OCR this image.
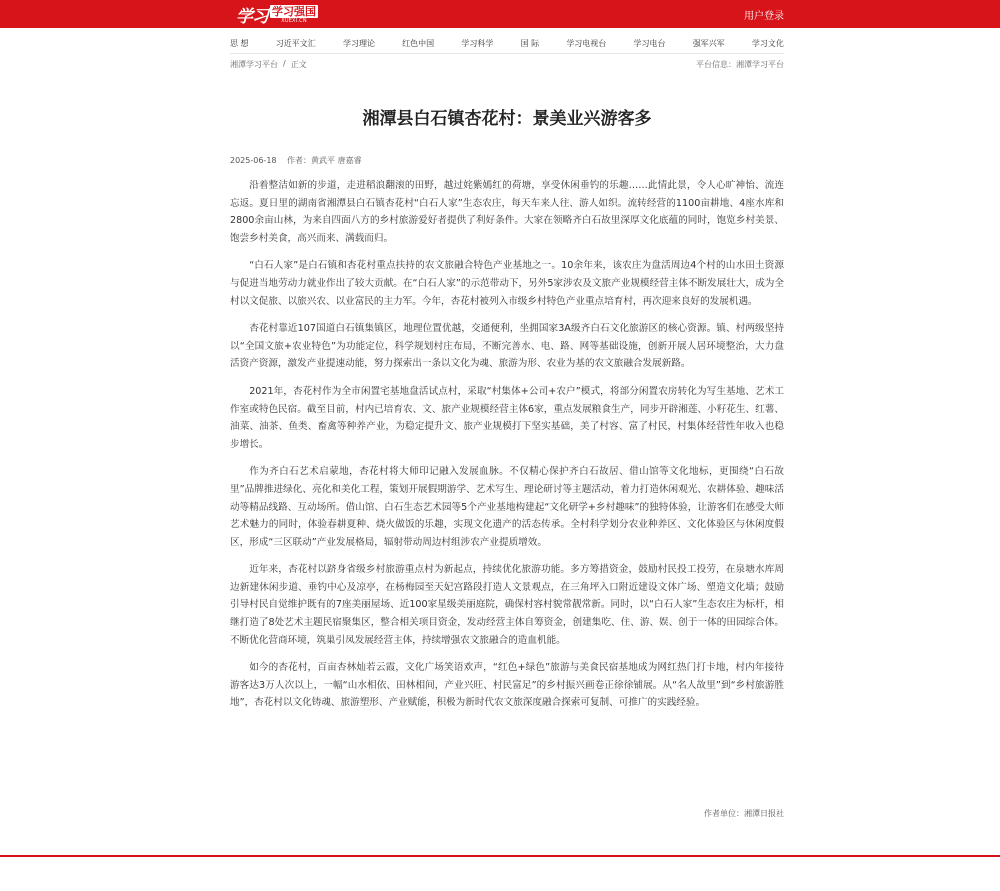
学习 学习强国
XUEXI.CN	用户登录
思 想	习近平文汇	学习理论	红色中国	学习科学	国 际	学习电视台	学习电台	强军兴军	学习文化
湘潭学习平台 / 正文	平台信息：湘潭学习平台
湘潭县白石镇杏花村：景美业兴游客多
2025-06-18 作者：黄武平 唐嘉睿

沿着整洁如新的步道，走进稻浪翻滚的田野，越过姹紫嫣红的荷塘，享受休闲垂钓的乐趣……此情此景，令人心旷神怡、流连忘返。夏日里的湖南省湘潭县白石镇杏花村“白石人家”生态农庄，每天车来人往、游人如织。流转经营的1100亩耕地、4座水库和2800余亩山林，为来自四面八方的乡村旅游爱好者提供了利好条件。大家在领略齐白石故里深厚文化底蕴的同时，饱览乡村美景、饱尝乡村美食，高兴而来、满载而归。

“白石人家”是白石镇和杏花村重点扶持的农文旅融合特色产业基地之一。10余年来，该农庄为盘活周边4个村的山水田土资源与促进当地劳动力就业作出了较大贡献。在“白石人家”的示范带动下，另外5家涉农及文旅产业规模经营主体不断发展壮大，成为全村以文促旅、以旅兴农、以业富民的主力军。今年，杏花村被列入市级乡村特色产业重点培育村，再次迎来良好的发展机遇。

杏花村靠近107国道白石镇集镇区，地理位置优越，交通便利，坐拥国家3A级齐白石文化旅游区的核心资源。镇、村两级坚持以“全国文旅+农业特色”为功能定位，科学规划村庄布局，不断完善水、电、路、网等基础设施，创新开展人居环境整治，大力盘活资产资源，激发产业提速动能，努力探索出一条以文化为魂、旅游为形、农业为基的农文旅融合发展新路。

2021年，杏花村作为全市闲置宅基地盘活试点村，采取“村集体+公司+农户”模式，将部分闲置农房转化为写生基地、艺术工作室或特色民宿。截至目前，村内已培育农、文、旅产业规模经营主体6家，重点发展粮食生产，同步开辟湘莲、小籽花生、红薯、油菜、油茶、鱼类、畜禽等种养产业，为稳定提升文、旅产业规模打下坚实基础，美了村容、富了村民，村集体经营性年收入也稳步增长。

作为齐白石艺术启蒙地，杏花村将大师印记融入发展血脉。不仅精心保护齐白石故居、借山馆等文化地标，更围绕“白石故里”品牌推进绿化、亮化和美化工程，策划开展假期游学、艺术写生、理论研讨等主题活动，着力打造休闲观光、农耕体验、趣味活动等精品线路、互动场所。借山馆、白石生态艺术园等5个产业基地构建起“文化研学+乡村趣味”的独特体验，让游客们在感受大师艺术魅力的同时，体验春耕夏种、烧火做饭的乐趣，实现文化遗产的活态传承。全村科学划分农业种养区、文化体验区与休闲度假区，形成“三区联动”产业发展格局，辐射带动周边村组涉农产业提质增效。

近年来，杏花村以跻身省级乡村旅游重点村为新起点，持续优化旅游功能。多方筹措资金，鼓励村民投工投劳，在泉塘水库周边新建休闲步道、垂钓中心及凉亭，在杨梅园至天妃宫路段打造人文景观点，在三角坪入口附近建设文体广场、塑造文化墙；鼓励引导村民自觉维护既有的7座美丽屋场、近100家星级美丽庭院，确保村容村貌常靓常新。同时，以“白石人家”生态农庄为标杆，相继打造了8处艺术主题民宿聚集区，整合相关项目资金，发动经营主体自筹资金，创建集吃、住、游、娱、创于一体的田园综合体。不断优化营商环境，筑巢引凤发展经营主体，持续增强农文旅融合的造血机能。

如今的杏花村，百亩杏林灿若云霞，文化广场笑语欢声，“红色+绿色”旅游与美食民宿基地成为网红热门打卡地，村内年接待游客达3万人次以上，一幅“山水相依、田林相间，产业兴旺、村民富足”的乡村振兴画卷正徐徐铺展。从“名人故里”到“乡村旅游胜地”，杏花村以文化铸魂、旅游塑形、产业赋能，积极为新时代农文旅深度融合探索可复制、可推广的实践经验。

作者单位：湘潭日报社
